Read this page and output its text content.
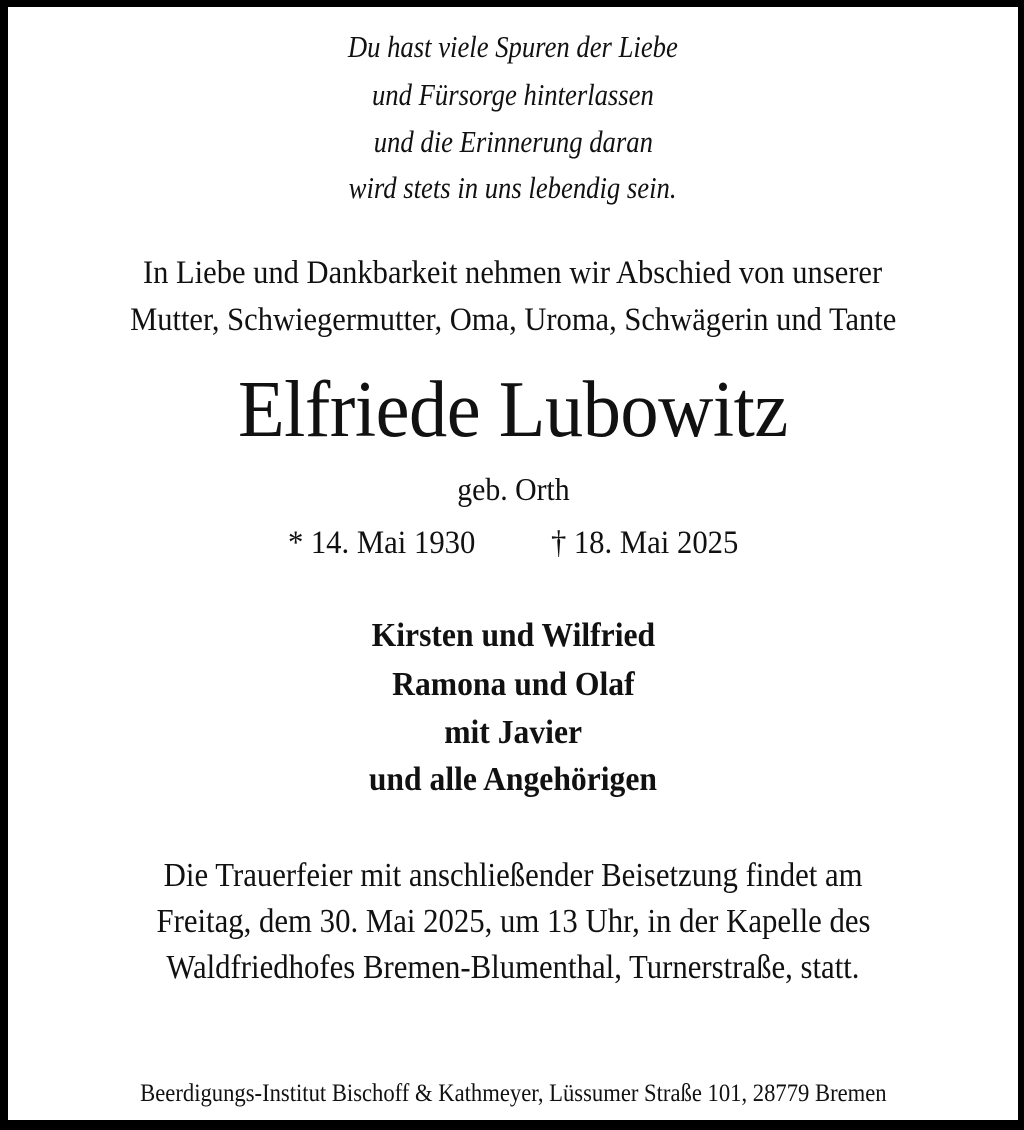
Du hast viele Spuren der Liebe
und Fürsorge hinterlassen
und die Erinnerung daran
wird stets in uns lebendig sein.
In Liebe und Dankbarkeit nehmen wir Abschied von unserer
Mutter, Schwiegermutter, Oma, Uroma, Schwägerin und Tante
Elfriede Lubowitz
geb. Orth
* 14. Mai 1930 † 18. Mai 2025
Kirsten und Wilfried
Ramona und Olaf
mit Javier
und alle Angehörigen
Die Trauerfeier mit anschließender Beisetzung findet am
Freitag, dem 30. Mai 2025, um 13 Uhr, in der Kapelle des
Waldfriedhofes Bremen-Blumenthal, Turnerstraße, statt.
Beerdigungs-Institut Bischoff & Kathmeyer, Lüssumer Straße 101, 28779 Bremen
